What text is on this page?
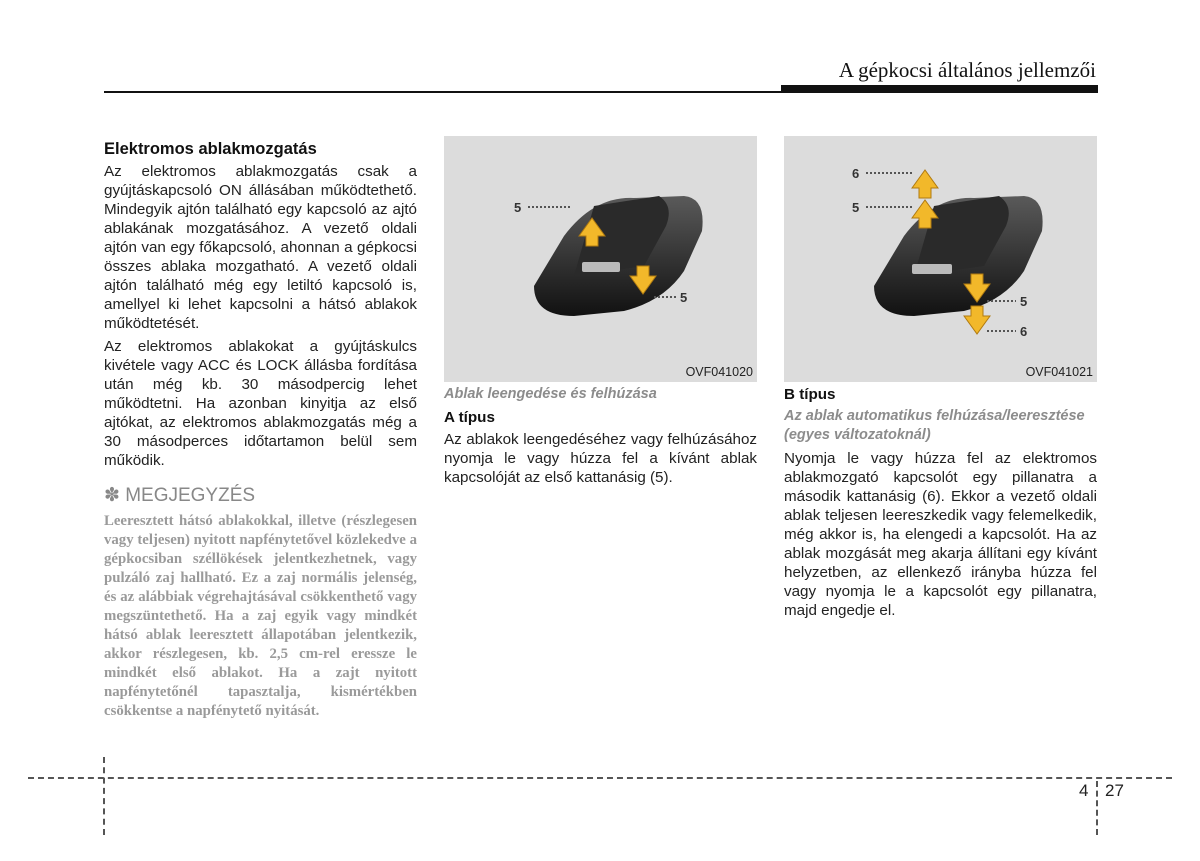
A gépkocsi általános jellemzői
Elektromos ablakmozgatás

Az elektromos ablakmozgatás csak a gyújtáskapcsoló ON állásában működtethető. Mindegyik ajtón található egy kapcsoló az ajtó ablakának mozgatásához. A vezető oldali ajtón van egy főkapcsoló, ahonnan a gépkocsi összes ablaka mozgatható. A vezető oldali ajtón található még egy letiltó kapcsoló is, amellyel ki lehet kapcsolni a hátsó ablakok működtetését.

Az elektromos ablakokat a gyújtáskulcs kivétele vagy ACC és LOCK állásba fordítása után még kb. 30 másodpercig lehet működtetni. Ha azonban kinyitja az első ajtókat, az elektromos ablakmozgatás még a 30 másodperces időtartamon belül sem működik.

✽ MEGJEGYZÉS
Leeresztett hátsó ablakokkal, illetve (részlegesen vagy teljesen) nyitott napfénytetővel közlekedve a gépkocsiban széllökések jelentkezhetnek, vagy pulzáló zaj hallható. Ez a zaj normális jelenség, és az alábbiak végrehajtásával csökkenthető vagy megszüntethető. Ha a zaj egyik vagy mindkét hátsó ablak leeresztett állapotában jelentkezik, akkor részlegesen, kb. 2,5 cm-rel eressze le mindkét első ablakot. Ha a zajt nyitott napfénytetőnél tapasztalja, kismértékben csökkentse a napfénytető nyitását.
5
5
OVF041020
6
5
5
6
OVF041021
Ablak leengedése és felhúzása
A típus

Az ablakok leengedéséhez vagy felhúzásához nyomja le vagy húzza fel a kívánt ablak kapcsolóját az első kattanásig (5).

B típus
Az ablak automatikus felhúzása/leeresztése (egyes változatoknál)

Nyomja le vagy húzza fel az elektromos ablakmozgató kapcsolót egy pillanatra a második kattanásig (6). Ekkor a vezető oldali ablak teljesen leereszkedik vagy felemelkedik, még akkor is, ha elengedi a kapcsolót. Ha az ablak mozgását meg akarja állítani egy kívánt helyzetben, az ellenkező irányba húzza fel vagy nyomja le a kapcsolót egy pillanatra, majd engedje el.

4 27
